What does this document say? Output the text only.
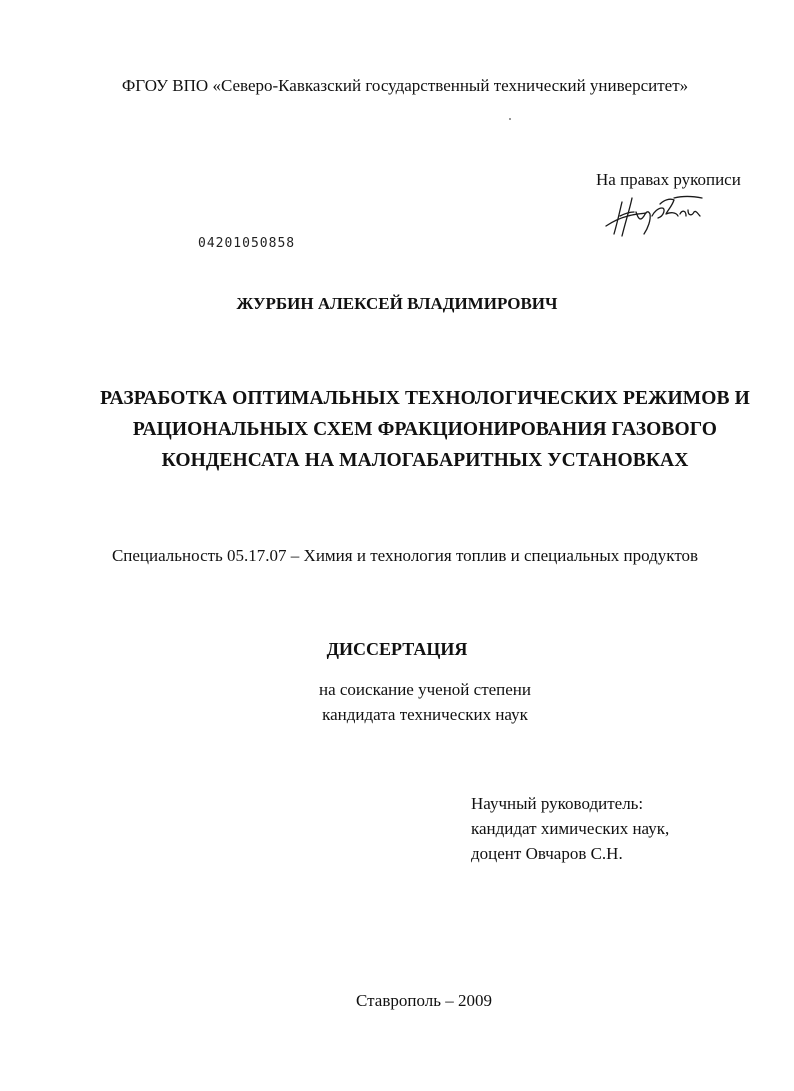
ФГОУ ВПО «Северо-Кавказский государственный технический университет»
На правах рукописи
04201050858
ЖУРБИН АЛЕКСЕЙ ВЛАДИМИРОВИЧ
РАЗРАБОТКА ОПТИМАЛЬНЫХ ТЕХНОЛОГИЧЕСКИХ РЕЖИМОВ И
РАЦИОНАЛЬНЫХ СХЕМ ФРАКЦИОНИРОВАНИЯ ГАЗОВОГО
КОНДЕНСАТА НА МАЛОГАБАРИТНЫХ УСТАНОВКАХ
Специальность 05.17.07 – Химия и технология топлив и специальных продуктов
ДИССЕРТАЦИЯ
на соискание ученой степени
кандидата технических наук
Научный руководитель:
кандидат химических наук,
доцент Овчаров С.Н.
Ставрополь – 2009
